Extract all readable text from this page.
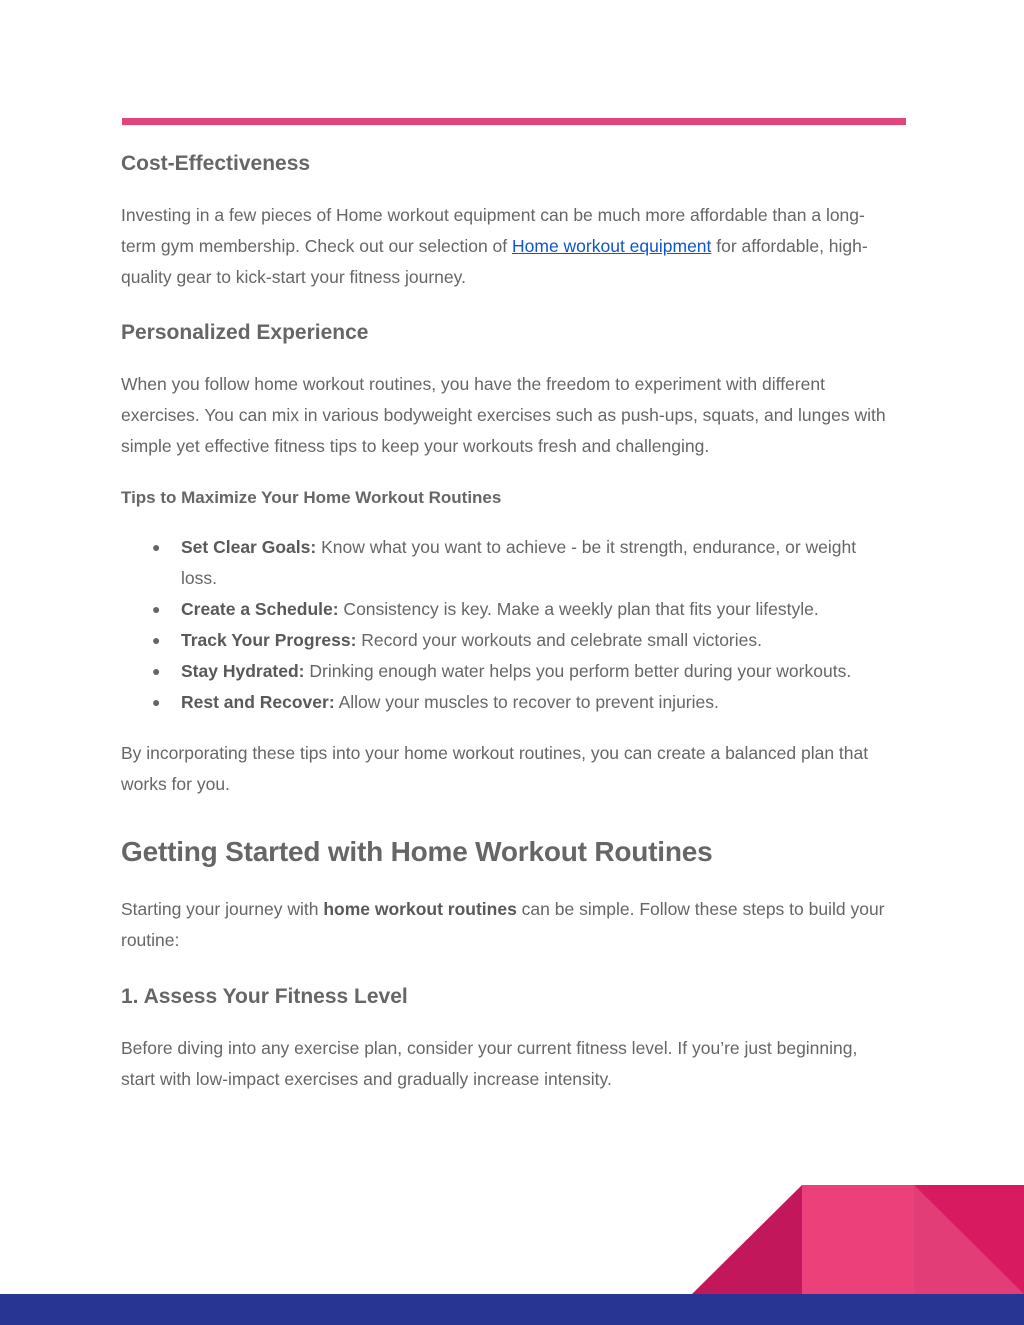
Cost-Effectiveness

Investing in a few pieces of Home workout equipment can be much more affordable than a long-term gym membership. Check out our selection of Home workout equipment for affordable, high-quality gear to kick-start your fitness journey.

Personalized Experience

When you follow home workout routines, you have the freedom to experiment with different exercises. You can mix in various bodyweight exercises such as push-ups, squats, and lunges with simple yet effective fitness tips to keep your workouts fresh and challenging.

Tips to Maximize Your Home Workout Routines
● Set Clear Goals: Know what you want to achieve - be it strength, endurance, or weight loss.
● Create a Schedule: Consistency is key. Make a weekly plan that fits your lifestyle.
● Track Your Progress: Record your workouts and celebrate small victories.
● Stay Hydrated: Drinking enough water helps you perform better during your workouts.
● Rest and Recover: Allow your muscles to recover to prevent injuries.

By incorporating these tips into your home workout routines, you can create a balanced plan that works for you.

Getting Started with Home Workout Routines

Starting your journey with home workout routines can be simple. Follow these steps to build your routine:

1. Assess Your Fitness Level

Before diving into any exercise plan, consider your current fitness level. If you’re just beginning, start with low-impact exercises and gradually increase intensity.
